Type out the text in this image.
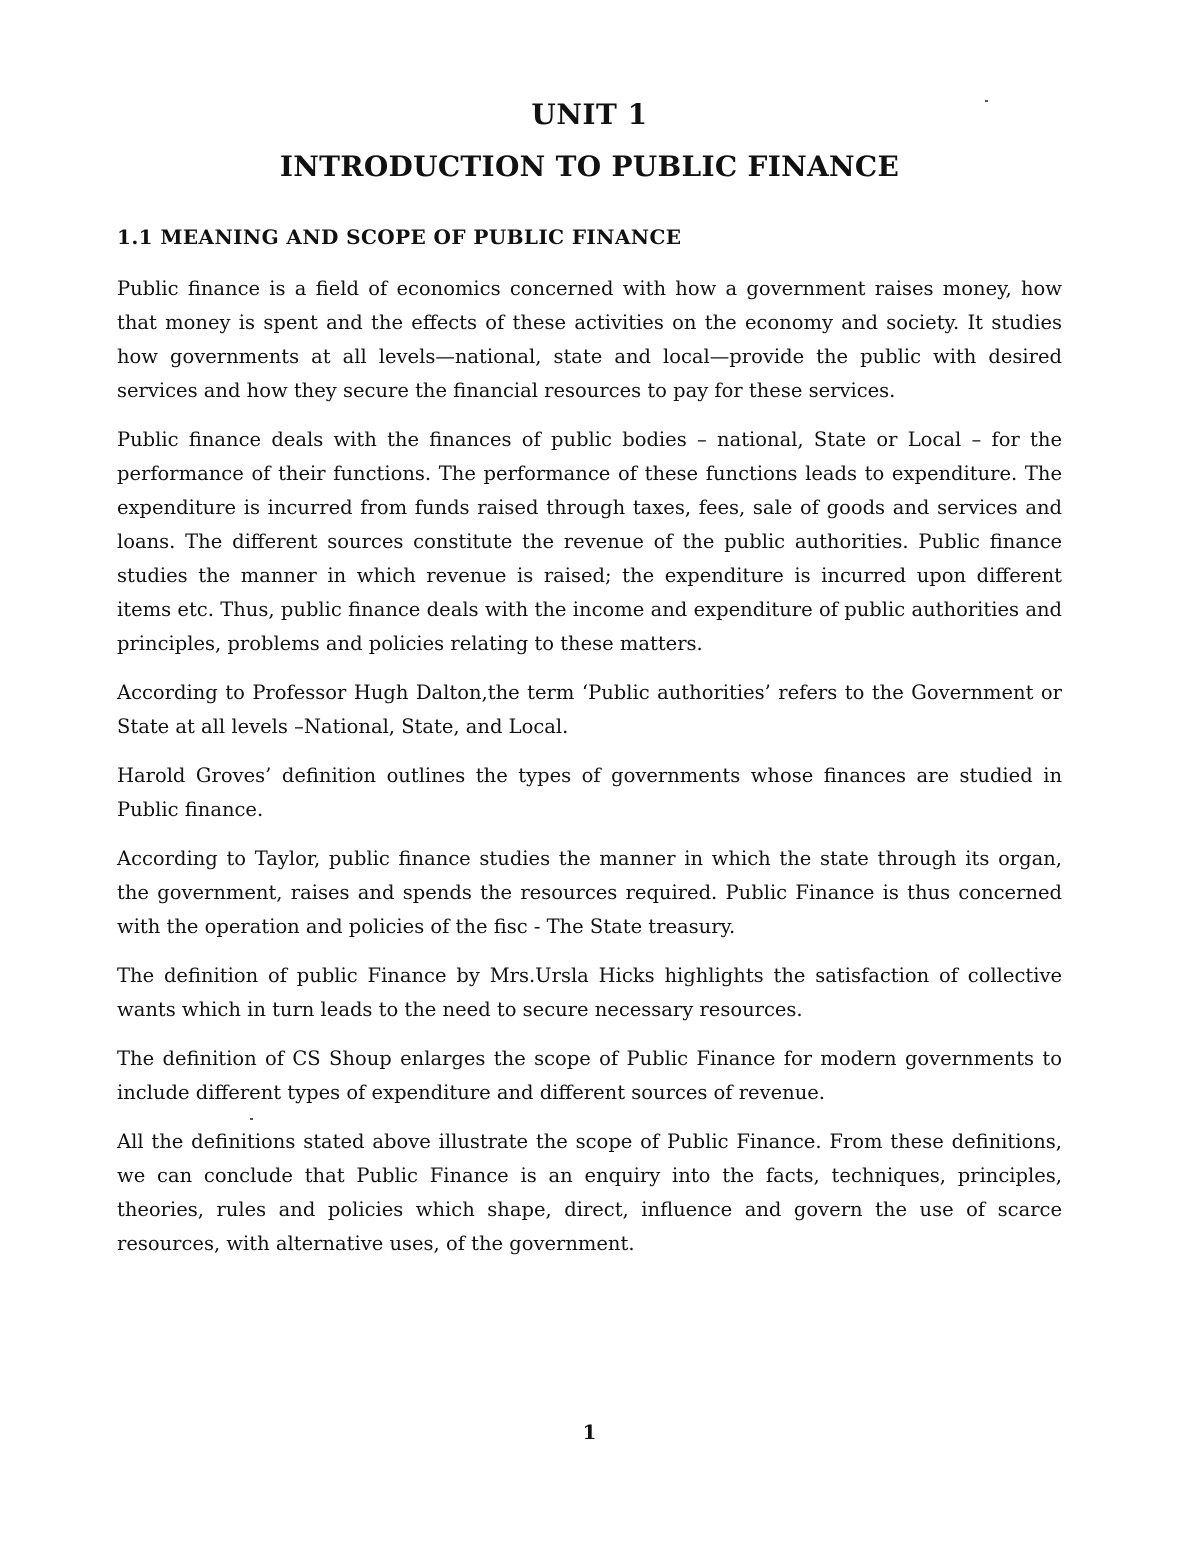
UNIT 1
INTRODUCTION TO PUBLIC FINANCE
1.1 MEANING AND SCOPE OF PUBLIC FINANCE

Public finance is a field of economics concerned with how a government raises money, how that money is spent and the effects of these activities on the economy and society. It studies how governments at all levels—national, state and local—provide the public with desired services and how they secure the financial resources to pay for these services.

Public finance deals with the finances of public bodies – national, State or Local – for the performance of their functions. The performance of these functions leads to expenditure. The expenditure is incurred from funds raised through taxes, fees, sale of goods and services and loans. The different sources constitute the revenue of the public authorities. Public finance studies the manner in which revenue is raised; the expenditure is incurred upon different items etc. Thus, public finance deals with the income and expenditure of public authorities and principles, problems and policies relating to these matters.

According to Professor Hugh Dalton,the term ‘Public authorities’ refers to the Government or State at all levels –National, State, and Local.

Harold Groves’ definition outlines the types of governments whose finances are studied in Public finance.

According to Taylor, public finance studies the manner in which the state through its organ, the government, raises and spends the resources required. Public Finance is thus concerned with the operation and policies of the fisc - The State treasury.

The definition of public Finance by Mrs.Ursla Hicks highlights the satisfaction of collective wants which in turn leads to the need to secure necessary resources.

The definition of CS Shoup enlarges the scope of Public Finance for modern governments to include different types of expenditure and different sources of revenue.

All the definitions stated above illustrate the scope of Public Finance. From these definitions, we can conclude that Public Finance is an enquiry into the facts, techniques, principles, theories, rules and policies which shape, direct, influence and govern the use of scarce resources, with alternative uses, of the government.

1
